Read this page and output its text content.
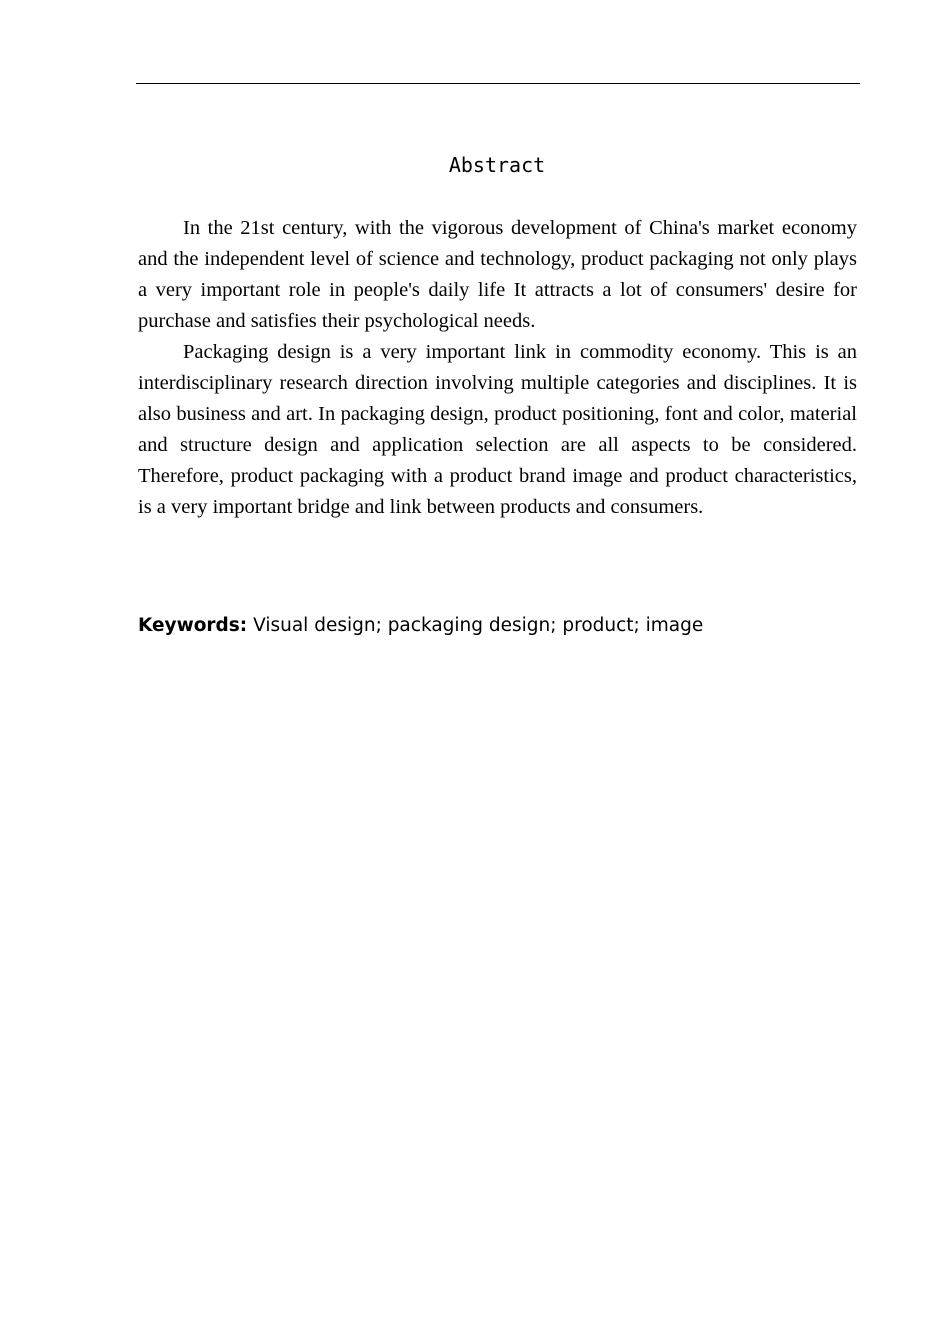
Abstract

In the 21st century, with the vigorous development of China's market economy and the independent level of science and technology, product packaging not only plays a very important role in people's daily life It attracts a lot of consumers' desire for purchase and satisfies their psychological needs.

Packaging design is a very important link in commodity economy. This is an interdisciplinary research direction involving multiple categories and disciplines. It is also business and art. In packaging design, product positioning, font and color, material and structure design and application selection are all aspects to be considered. Therefore, product packaging with a product brand image and product characteristics, is a very important bridge and link between products and consumers.

Keywords: Visual design; packaging design; product; image
